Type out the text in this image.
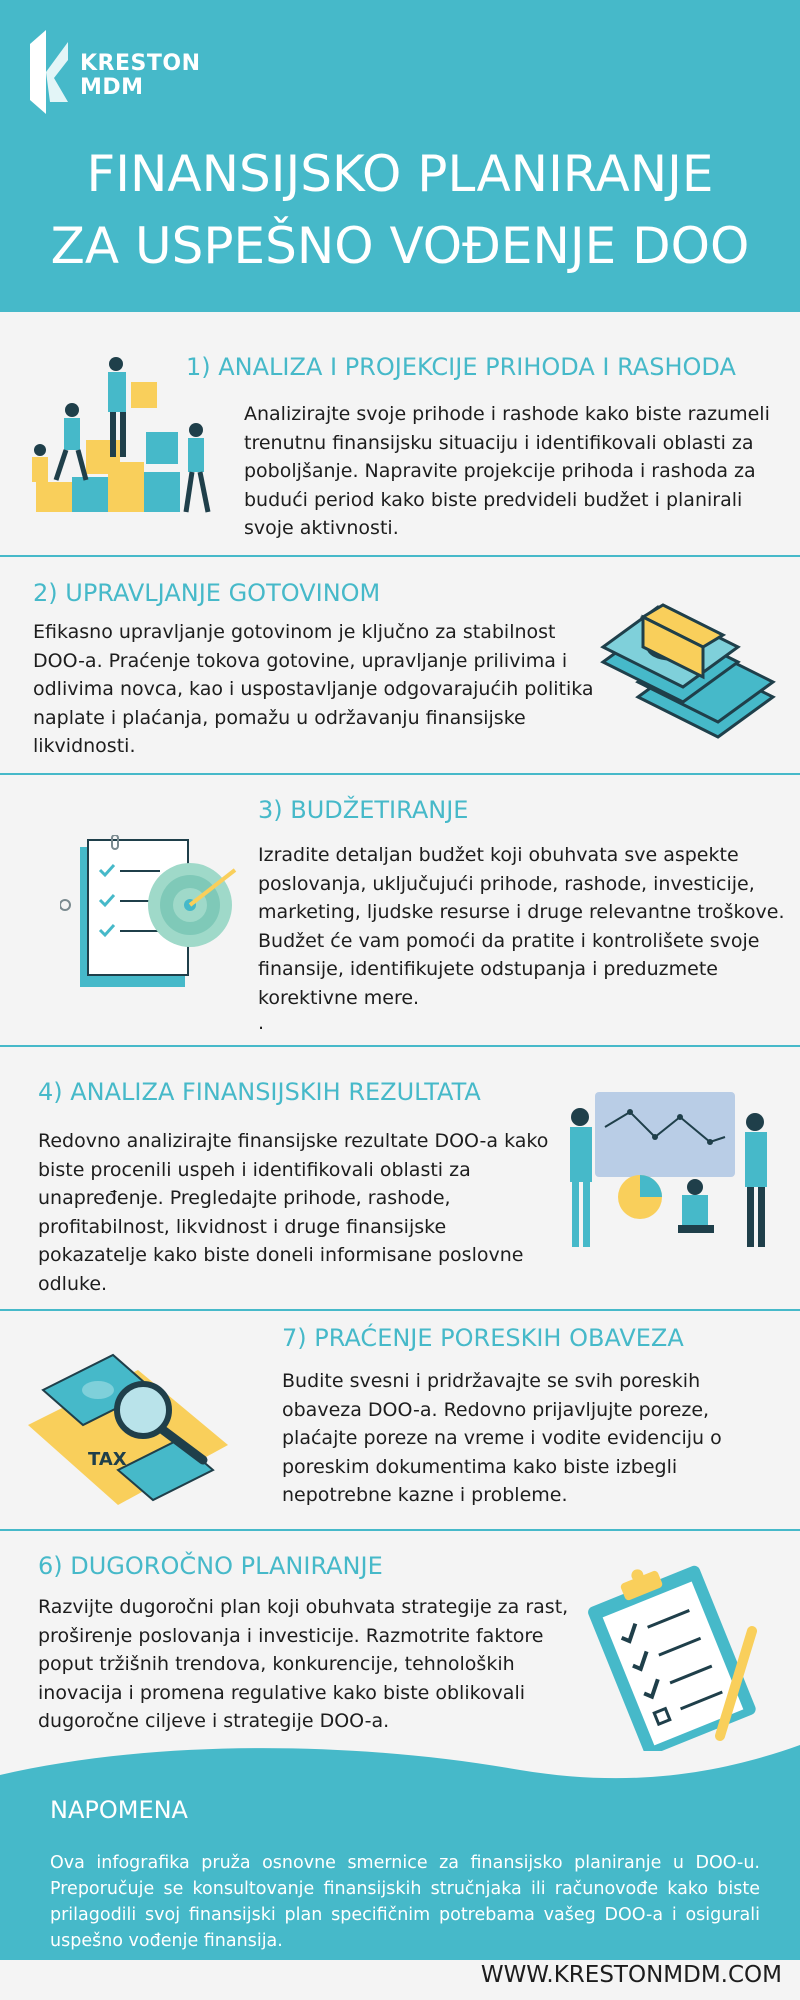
KRESTON
MDM
FINANSIJSKO PLANIRANJE
ZA USPEŠNO VOĐENJE DOO
1) ANALIZA I PROJEKCIJE PRIHODA I RASHODA
Analizirajte svoje prihode i rashode kako biste razumeli trenutnu finansijsku situaciju i identifikovali oblasti za poboljšanje. Napravite projekcije prihoda i rashoda za budući period kako biste predvideli budžet i planirali svoje aktivnosti.
2) UPRAVLJANJE GOTOVINOM
Efikasno upravljanje gotovinom je ključno za stabilnost DOO-a. Praćenje tokova gotovine, upravljanje prilivima i odlivima novca, kao i uspostavljanje odgovarajućih politika naplate i plaćanja, pomažu u održavanju finansijske likvidnosti.
3) BUDŽETIRANJE
Izradite detaljan budžet koji obuhvata sve aspekte poslovanja, uključujući prihode, rashode, investicije, marketing, ljudske resurse i druge relevantne troškove. Budžet će vam pomoći da pratite i kontrolišete svoje finansije, identifikujete odstupanja i preduzmete korektivne mere.
.
4) ANALIZA FINANSIJSKIH REZULTATA
Redovno analizirajte finansijske rezultate DOO-a kako biste procenili uspeh i identifikovali oblasti za unapređenje. Pregledajte prihode, rashode, profitabilnost, likvidnost i druge finansijske pokazatelje kako biste doneli informisane poslovne odluke.
7) PRAĆENJE PORESKIH OBAVEZA
Budite svesni i pridržavajte se svih poreskih obaveza DOO-a. Redovno prijavljujte poreze, plaćajte poreze na vreme i vodite evidenciju o poreskim dokumentima kako biste izbegli nepotrebne kazne i probleme.
TAX
6) DUGOROČNO PLANIRANJE
Razvijte dugoročni plan koji obuhvata strategije za rast, proširenje poslovanja i investicije. Razmotrite faktore poput tržišnih trendova, konkurencije, tehnoloških inovacija i promena regulative kako biste oblikovali dugoročne ciljeve i strategije DOO-a.
NAPOMENA
Ova infografika pruža osnovne smernice za finansijsko planiranje u DOO-u. Preporučuje se konsultovanje finansijskih stručnjaka ili računovođe kako biste prilagodili svoj finansijski plan specifičnim potrebama vašeg DOO-a i osigurali uspešno vođenje finansija.
WWW.KRESTONMDM.COM
